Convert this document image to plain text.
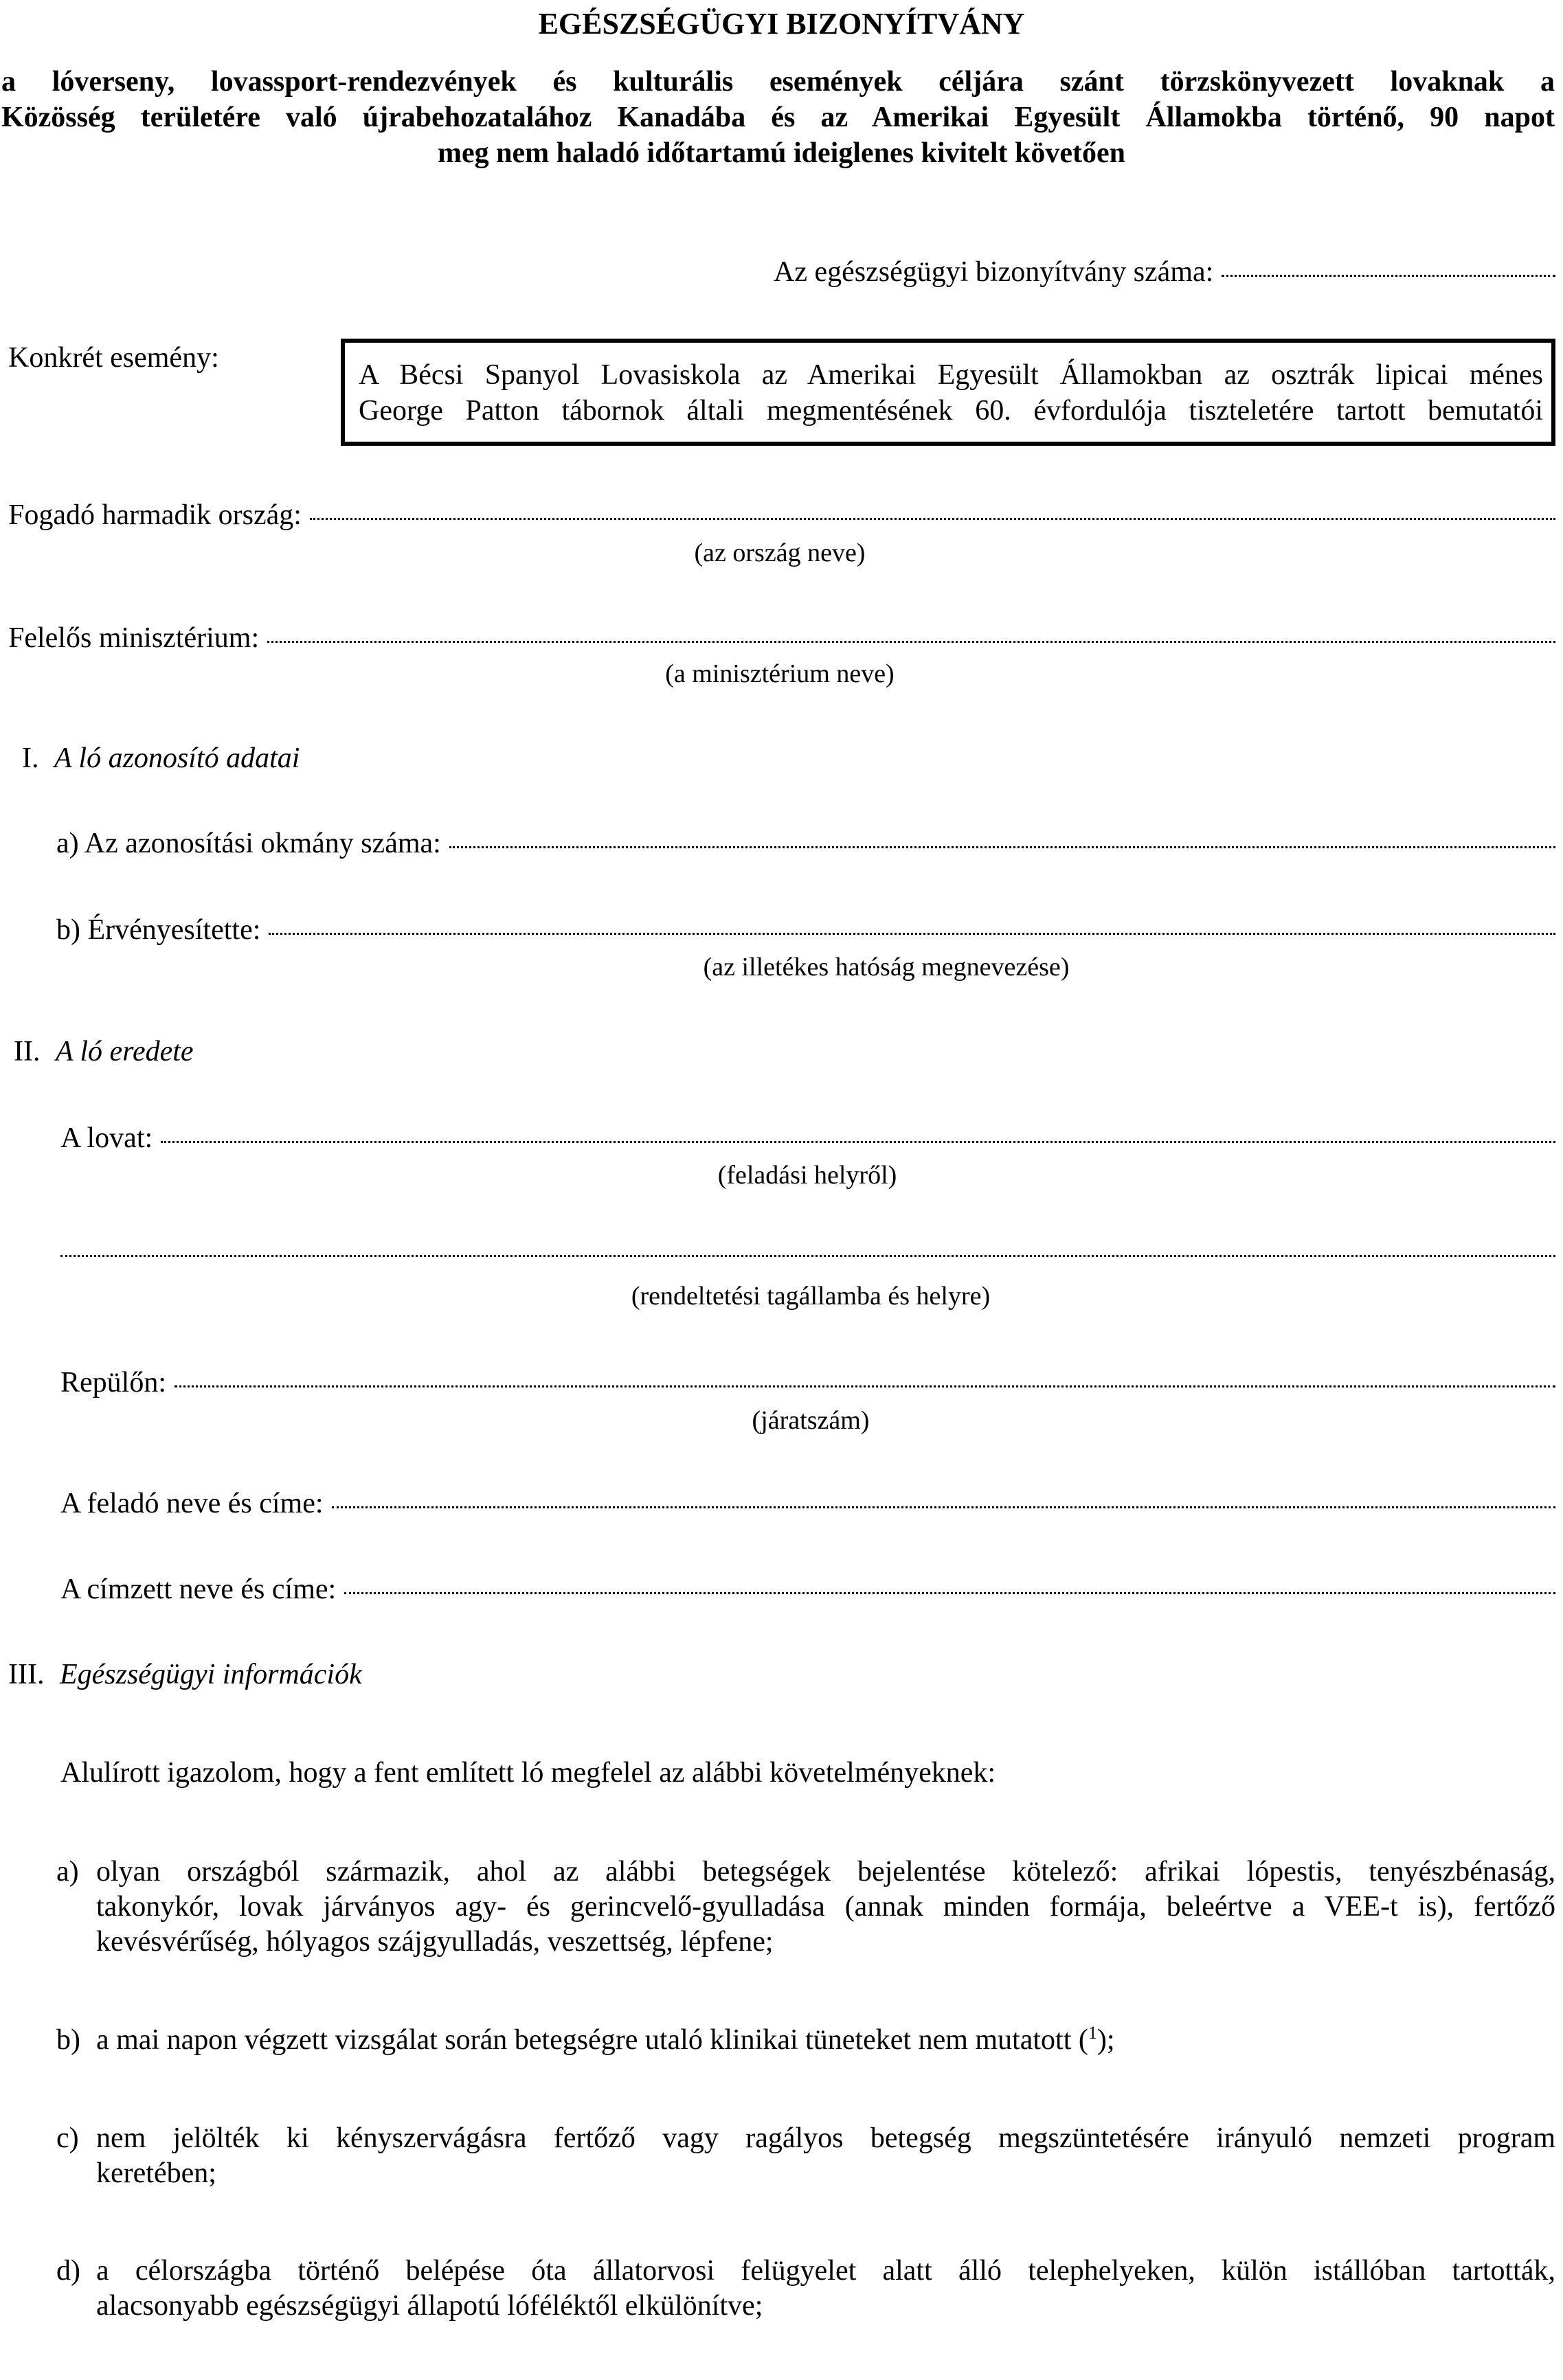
EGÉSZSÉGÜGYI BIZONYÍTVÁNY
a lóverseny, lovassport-rendezvények és kulturális események céljára szánt törzskönyvezett lovaknak a
Közösség területére való újrabehozatalához Kanadába és az Amerikai Egyesült Államokba történő, 90 napot
meg nem haladó időtartamú ideiglenes kivitelt követően
Az egészségügyi bizonyítvány száma:
Konkrét esemény:
A Bécsi Spanyol Lovasiskola az Amerikai Egyesült Államokban az osztrák lipicai ménes
George Patton tábornok általi megmentésének 60. évfordulója tiszteletére tartott bemutatói
Fogadó harmadik ország:
(az ország neve)
Felelős minisztérium:
(a minisztérium neve)
I. A ló azonosító adatai
a) Az azonosítási okmány száma:
b) Érvényesítette:
(az illetékes hatóság megnevezése)
II. A ló eredete
A lovat:
(feladási helyről)
(rendeltetési tagállamba és helyre)
Repülőn:
(járatszám)
A feladó neve és címe:
A címzett neve és címe:
III. Egészségügyi információk
Alulírott igazolom, hogy a fent említett ló megfelel az alábbi követelményeknek:
a) olyan országból származik, ahol az alábbi betegségek bejelentése kötelező: afrikai lópestis, tenyészbénaság,
takonykór, lovak járványos agy- és gerincvelő-gyulladása (annak minden formája, beleértve a VEE-t is), fertőző
kevésvérűség, hólyagos szájgyulladás, veszettség, lépfene;
b) a mai napon végzett vizsgálat során betegségre utaló klinikai tüneteket nem mutatott ($^1$);
c) nem jelölték ki kényszervágásra fertőző vagy ragályos betegség megszüntetésére irányuló nemzeti program
keretében;
d) a célországba történő belépése óta állatorvosi felügyelet alatt álló telephelyeken, külön istállóban tartották,
alacsonyabb egészségügyi állapotú lóféléktől elkülönítve;
